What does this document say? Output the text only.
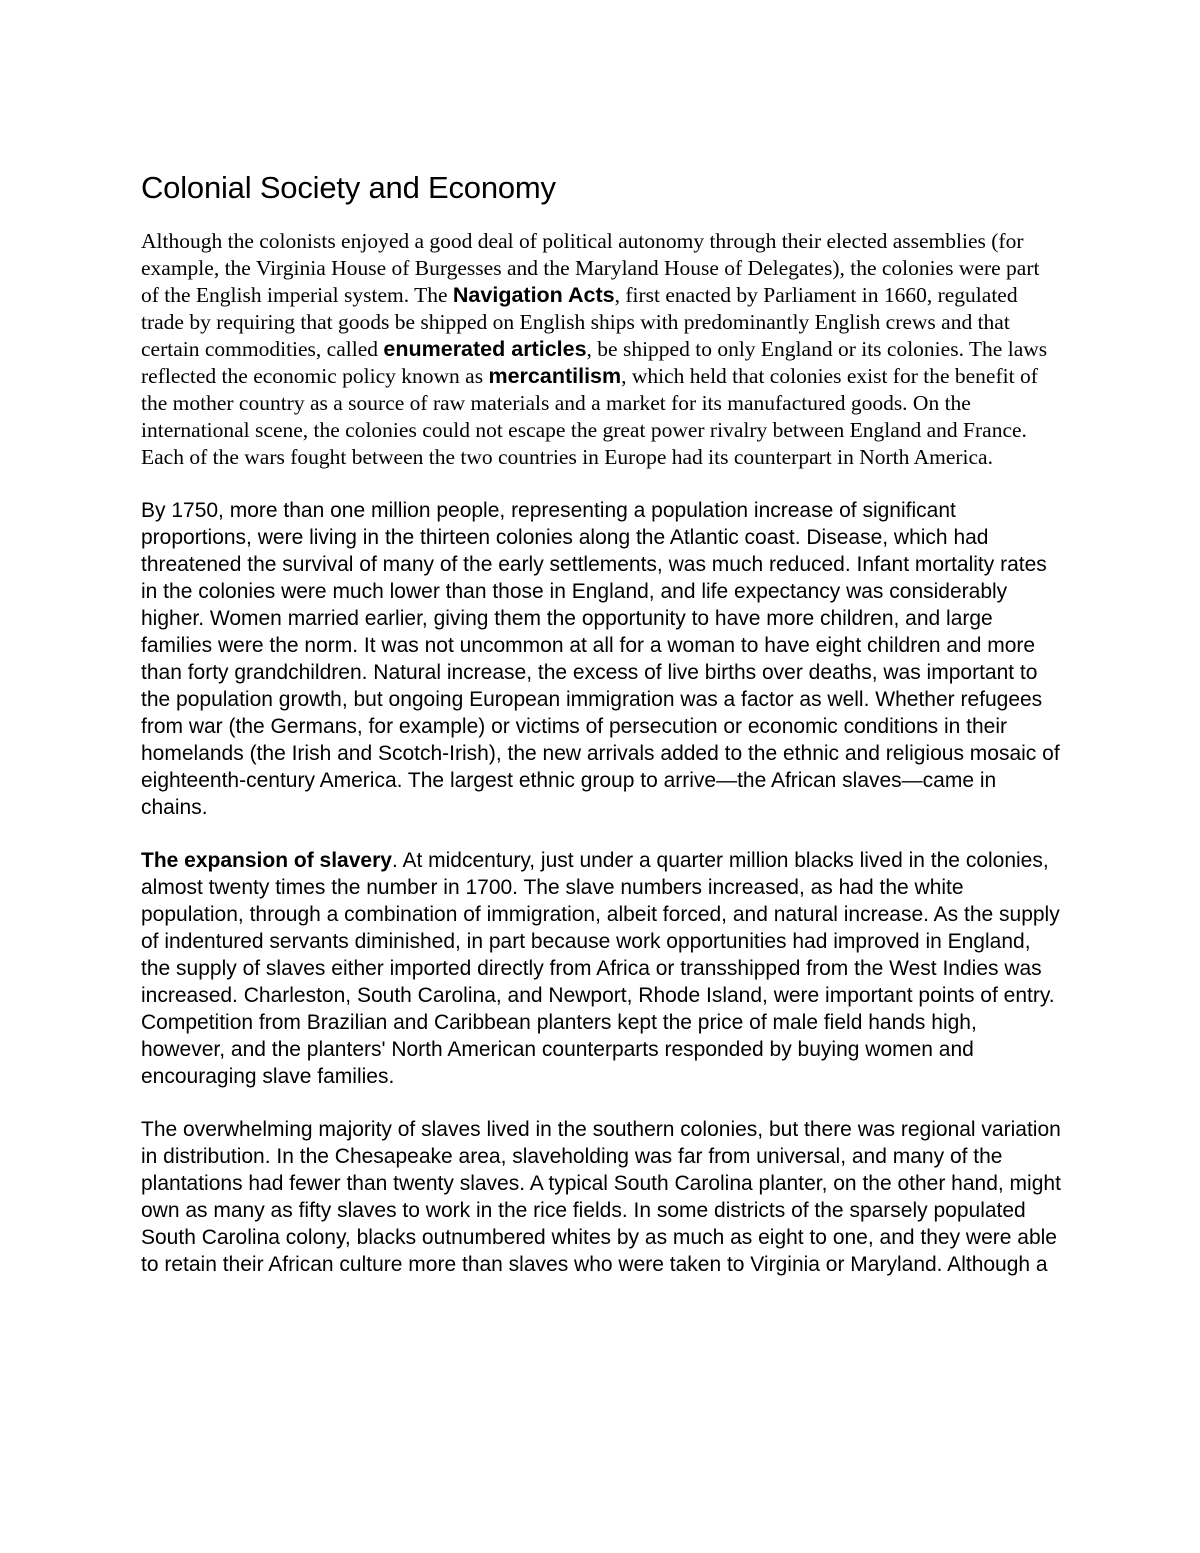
Colonial Society and Economy

Although the colonists enjoyed a good deal of political autonomy through their elected assemblies (for example, the Virginia House of Burgesses and the Maryland House of Delegates), the colonies were part of the English imperial system. The Navigation Acts, first enacted by Parliament in 1660, regulated trade by requiring that goods be shipped on English ships with predominantly English crews and that certain commodities, called enumerated articles, be shipped to only England or its colonies. The laws reflected the economic policy known as mercantilism, which held that colonies exist for the benefit of the mother country as a source of raw materials and a market for its manufactured goods. On the international scene, the colonies could not escape the great power rivalry between England and France. Each of the wars fought between the two countries in Europe had its counterpart in North America.

By 1750, more than one million people, representing a population increase of significant proportions, were living in the thirteen colonies along the Atlantic coast. Disease, which had threatened the survival of many of the early settlements, was much reduced. Infant mortality rates in the colonies were much lower than those in England, and life expectancy was considerably higher. Women married earlier, giving them the opportunity to have more children, and large families were the norm. It was not uncommon at all for a woman to have eight children and more than forty grandchildren. Natural increase, the excess of live births over deaths, was important to the population growth, but ongoing European immigration was a factor as well. Whether refugees from war (the Germans, for example) or victims of persecution or economic conditions in their homelands (the Irish and Scotch-Irish), the new arrivals added to the ethnic and religious mosaic of eighteenth-century America. The largest ethnic group to arrive—the African slaves—came in chains.

The expansion of slavery. At midcentury, just under a quarter million blacks lived in the colonies, almost twenty times the number in 1700. The slave numbers increased, as had the white population, through a combination of immigration, albeit forced, and natural increase. As the supply of indentured servants diminished, in part because work opportunities had improved in England, the supply of slaves either imported directly from Africa or transshipped from the West Indies was increased. Charleston, South Carolina, and Newport, Rhode Island, were important points of entry. Competition from Brazilian and Caribbean planters kept the price of male field hands high, however, and the planters' North American counterparts responded by buying women and encouraging slave families.

The overwhelming majority of slaves lived in the southern colonies, but there was regional variation in distribution. In the Chesapeake area, slaveholding was far from universal, and many of the plantations had fewer than twenty slaves. A typical South Carolina planter, on the other hand, might own as many as fifty slaves to work in the rice fields. In some districts of the sparsely populated South Carolina colony, blacks outnumbered whites by as much as eight to one, and they were able to retain their African culture more than slaves who were taken to Virginia or Maryland. Although a
